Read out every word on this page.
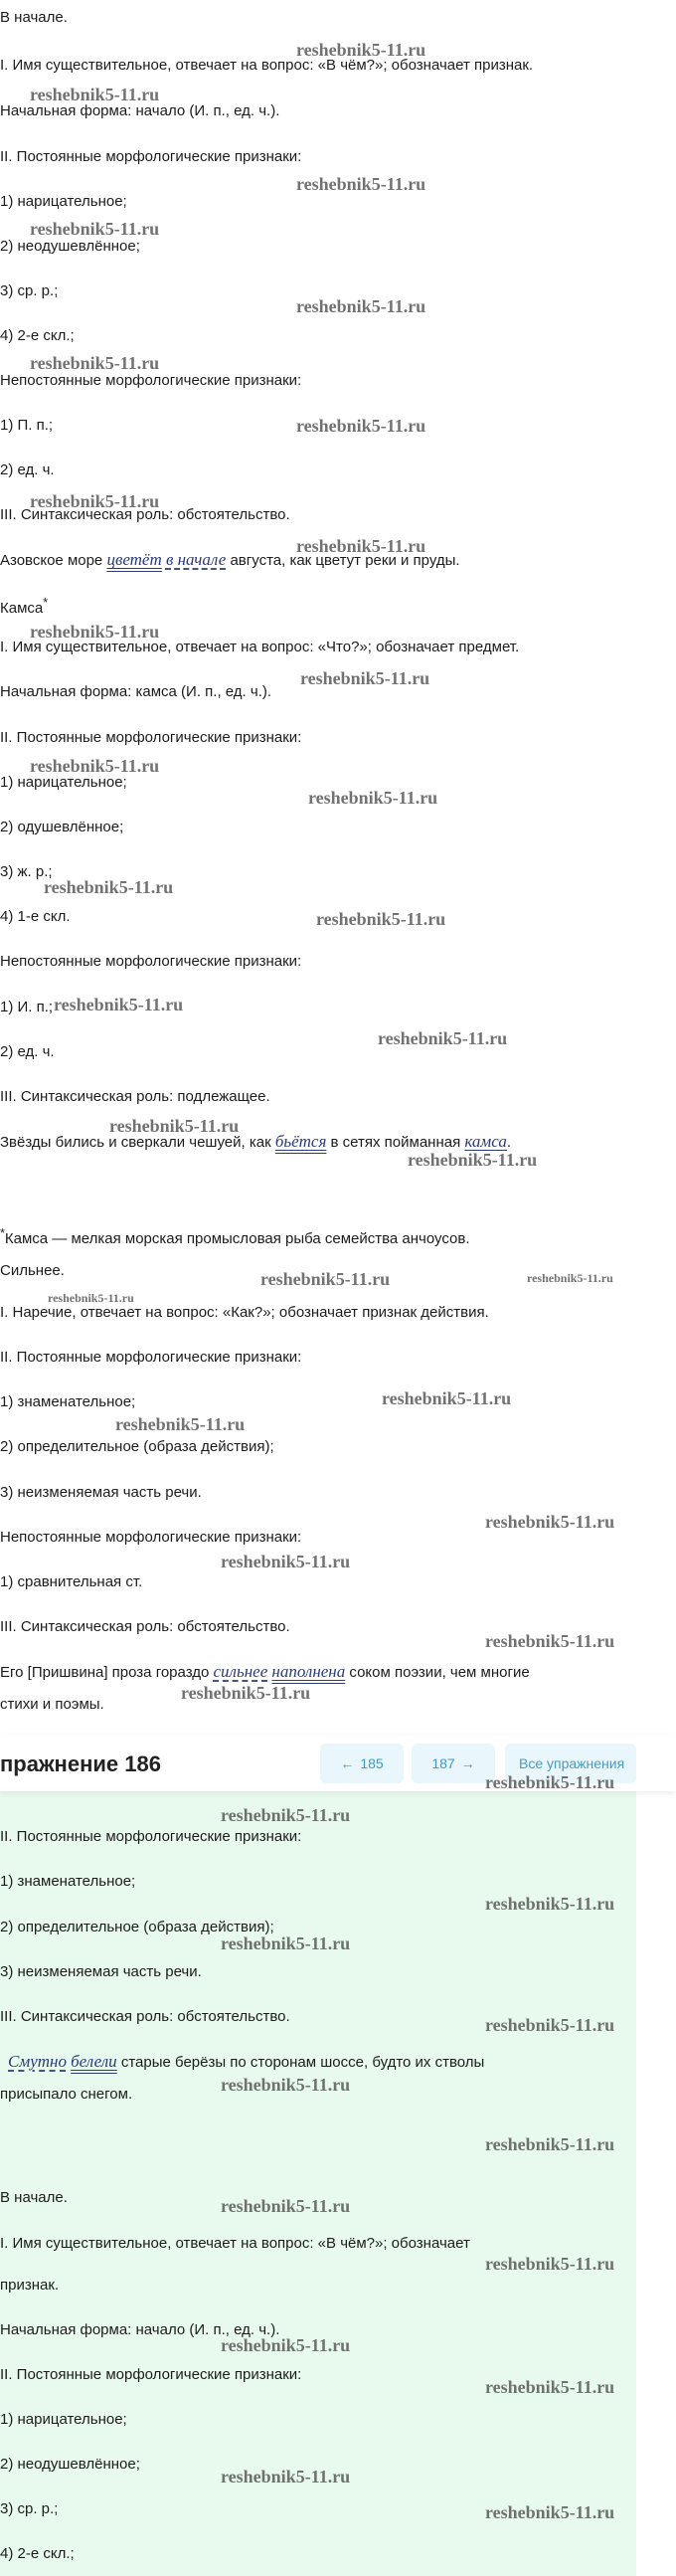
В начале.
I. Имя существительное, отвечает на вопрос: «В чём?»; обозначает признак.
Начальная форма: начало (И. п., ед. ч.).
II. Постоянные морфологические признаки:
1) нарицательное;
2) неодушевлённое;
3) ср. р.;
4) 2-е скл.;
Непостоянные морфологические признаки:
1) П. п.;
2) ед. ч.
III. Синтаксическая роль: обстоятельство.
Азовское море цветёт в начале августа, как цветут реки и пруды.
Камса*
I. Имя существительное, отвечает на вопрос: «Что?»; обозначает предмет.
Начальная форма: камса (И. п., ед. ч.).
II. Постоянные морфологические признаки:
1) нарицательное;
2) одушевлённое;
3) ж. р.;
4) 1-е скл.
Непостоянные морфологические признаки:
1) И. п.;
2) ед. ч.
III. Синтаксическая роль: подлежащее.
Звёзды бились и сверкали чешуей, как бьётся в сетях пойманная камса.
*Камса — мелкая морская промысловая рыба семейства анчоусов.
Сильнее.
I. Наречие, отвечает на вопрос: «Как?»; обозначает признак действия.
II. Постоянные морфологические признаки:
1) знаменательное;
2) определительное (образа действия);
3) неизменяемая часть речи.
Непостоянные морфологические признаки:
1) сравнительная ст.
III. Синтаксическая роль: обстоятельство.
Его [Пришвина] проза гораздо сильнее наполнена соком поэзии, чем многие
стихи и поэмы.
II. Постоянные морфологические признаки:
1) знаменательное;
2) определительное (образа действия);
3) неизменяемая часть речи.
III. Синтаксическая роль: обстоятельство.
Смутно белели старые берёзы по сторонам шоссе, будто их стволы
присыпало снегом.
В начале.
I. Имя существительное, отвечает на вопрос: «В чём?»; обозначает
признак.
Начальная форма: начало (И. п., ед. ч.).
II. Постоянные морфологические признаки:
1) нарицательное;
2) неодушевлённое;
3) ср. р.;
4) 2-е скл.;
пражнение 186	← 185	187 →	Все упражнения
reshebnik5-11.ru
reshebnik5-11.ru
reshebnik5-11.ru
reshebnik5-11.ru
reshebnik5-11.ru
reshebnik5-11.ru
reshebnik5-11.ru
reshebnik5-11.ru
reshebnik5-11.ru
reshebnik5-11.ru
reshebnik5-11.ru
reshebnik5-11.ru
reshebnik5-11.ru
reshebnik5-11.ru
reshebnik5-11.ru
reshebnik5-11.ru
reshebnik5-11.ru
reshebnik5-11.ru
reshebnik5-11.ru
reshebnik5-11.ru	reshebnik5-11.ru
reshebnik5-11.ru
reshebnik5-11.ru
reshebnik5-11.ru
reshebnik5-11.ru
reshebnik5-11.ru
reshebnik5-11.ru
reshebnik5-11.ru
reshebnik5-11.ru
reshebnik5-11.ru
reshebnik5-11.ru
reshebnik5-11.ru
reshebnik5-11.ru
reshebnik5-11.ru
reshebnik5-11.ru
reshebnik5-11.ru
reshebnik5-11.ru
reshebnik5-11.ru
reshebnik5-11.ru
reshebnik5-11.ru
reshebnik5-11.ru
